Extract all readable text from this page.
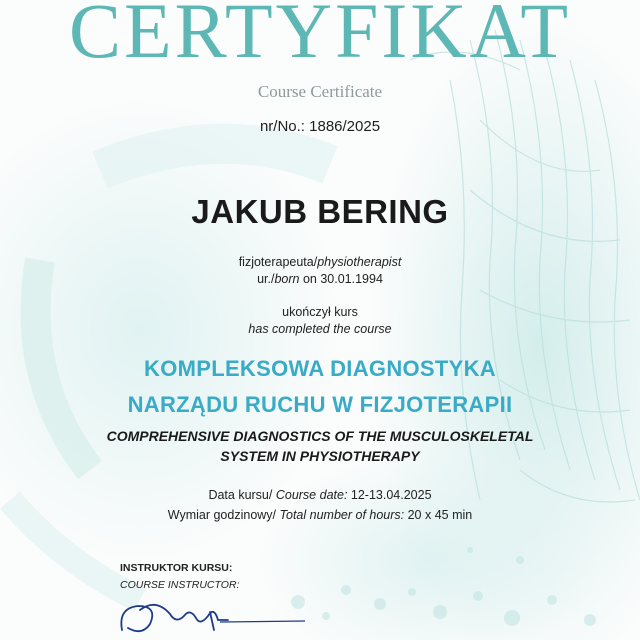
CERTYFIKAT
Course Certificate
nr/No.: 1886/2025
JAKUB BERING
fizjoterapeuta/physiotherapist
ur./born on 30.01.1994
ukończył kurs
has completed the course
KOMPLEKSOWA DIAGNOSTYKA
NARZĄDU RUCHU W FIZJOTERAPII
COMPREHENSIVE DIAGNOSTICS OF THE MUSCULOSKELETAL
SYSTEM IN PHYSIOTHERAPY
Data kursu/ Course date: 12-13.04.2025
Wymiar godzinowy/ Total number of hours: 20 x 45 min
INSTRUKTOR KURSU:
COURSE INSTRUCTOR:
